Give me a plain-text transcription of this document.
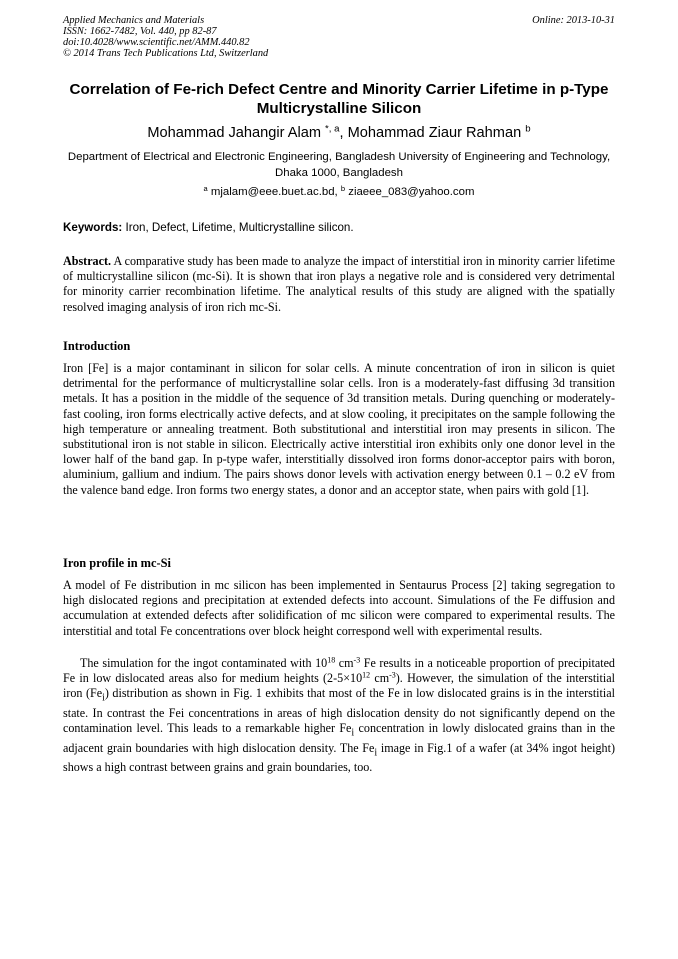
Applied Mechanics and Materials
ISSN: 1662-7482, Vol. 440, pp 82-87
doi:10.4028/www.scientific.net/AMM.440.82
© 2014 Trans Tech Publications Ltd, Switzerland
Online: 2013-10-31
Correlation of Fe-rich Defect Centre and Minority Carrier Lifetime in p-Type Multicrystalline Silicon
Mohammad Jahangir Alam $^{*, a}$, Mohammad Ziaur Rahman $^b$
Department of Electrical and Electronic Engineering, Bangladesh University of Engineering and Technology, Dhaka 1000, Bangladesh
$^a$ mjalam@eee.buet.ac.bd, $^b$ ziaeee_083@yahoo.com
Keywords: Iron, Defect, Lifetime, Multicrystalline silicon.
Abstract. A comparative study has been made to analyze the impact of interstitial iron in minority carrier lifetime of multicrystalline silicon (mc-Si). It is shown that iron plays a negative role and is considered very detrimental for minority carrier recombination lifetime. The analytical results of this study are aligned with the spatially resolved imaging analysis of iron rich mc-Si.
Introduction
Iron [Fe] is a major contaminant in silicon for solar cells. A minute concentration of iron in silicon is quiet detrimental for the performance of multicrystalline solar cells. Iron is a moderately-fast diffusing 3d transition metals. It has a position in the middle of the sequence of 3d transition metals. During quenching or moderately-fast cooling, iron forms electrically active defects, and at slow cooling, it precipitates on the sample following the high temperature or annealing treatment. Both substitutional and interstitial iron may presents in silicon. The substitutional iron is not stable in silicon. Electrically active interstitial iron exhibits only one donor level in the lower half of the band gap. In p-type wafer, interstitially dissolved iron forms donor-acceptor pairs with boron, aluminium, gallium and indium. The pairs shows donor levels with activation energy between 0.1 – 0.2 eV from the valence band edge. Iron forms two energy states, a donor and an acceptor state, when pairs with gold [1].
Iron profile in mc-Si
A model of Fe distribution in mc silicon has been implemented in Sentaurus Process [2] taking segregation to high dislocated regions and precipitation at extended defects into account. Simulations of the Fe diffusion and accumulation at extended defects after solidification of mc silicon were compared to experimental results. The interstitial and total Fe concentrations over block height correspond well with experimental results.
The simulation for the ingot contaminated with $10^{18}$ $cm^{-3}$ Fe results in a noticeable proportion of precipitated Fe in low dislocated areas also for medium heights ($2-5\times 10^{12}$ $cm^{-3}$). However, the simulation of the interstitial iron $(Fe_i)$ distribution as shown in Fig. 1 exhibits that most of the Fe in low dislocated grains is in the interstitial state. In contrast the Fei concentrations in areas of high dislocation density do not significantly depend on the contamination level. This leads to a remarkable higher $Fe_i$ concentration in lowly dislocated grains than in the adjacent grain boundaries with high dislocation density. The $Fe_i$ image in Fig.1 of a wafer (at 34% ingot height) shows a high contrast between grains and grain boundaries, too.
